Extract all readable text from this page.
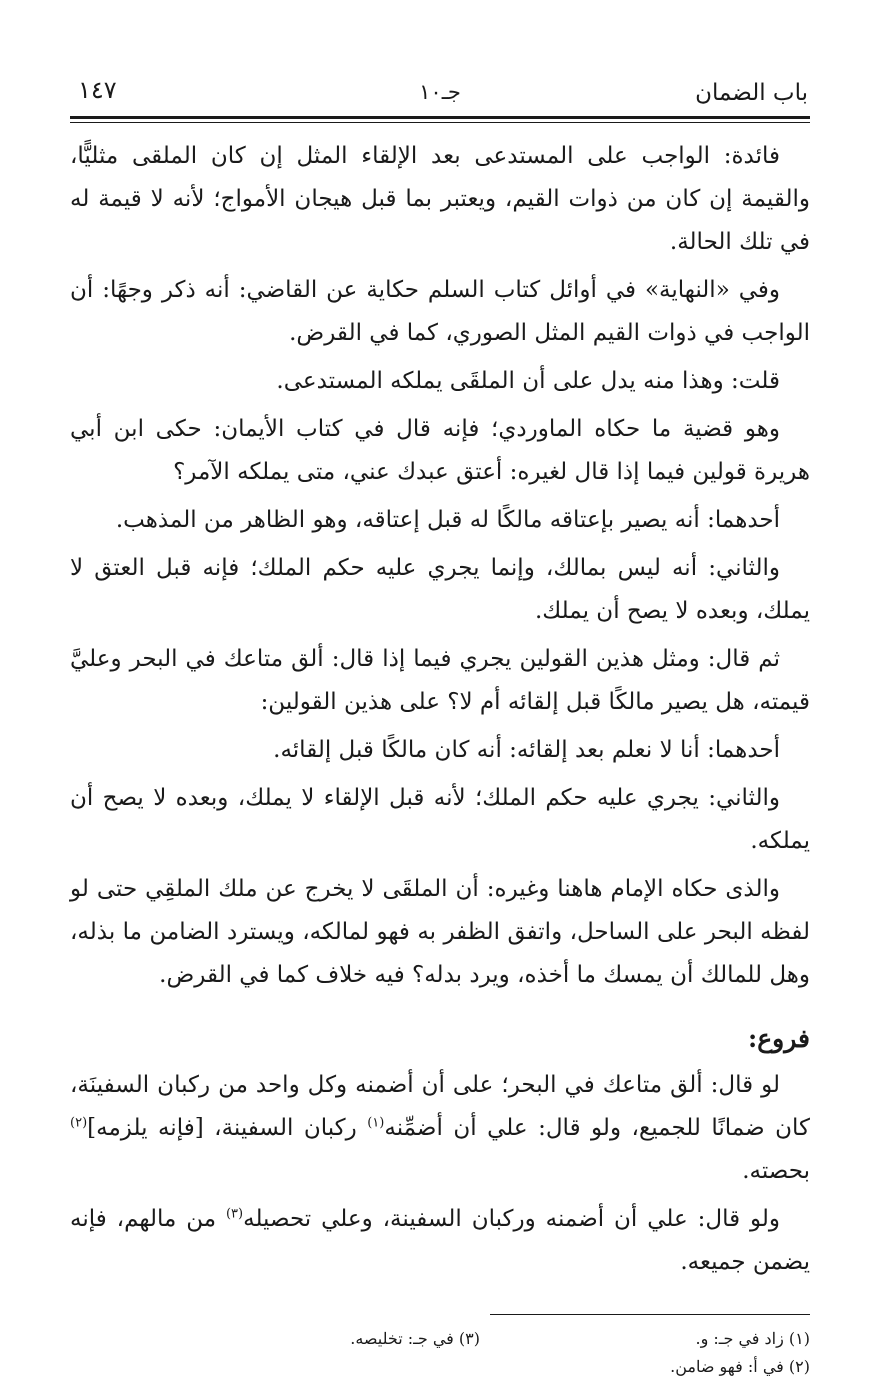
باب الضمان
جـ١٠
١٤٧

فائدة: الواجب على المستدعى بعد الإلقاء المثل إن كان الملقى مثليًّا، والقيمة إن كان من ذوات القيم، ويعتبر بما قبل هيجان الأمواج؛ لأنه لا قيمة له في تلك الحالة.

وفي «النهاية» في أوائل كتاب السلم حكاية عن القاضي: أنه ذكر وجهًا: أن الواجب في ذوات القيم المثل الصوري، كما في القرض.

قلت: وهذا منه يدل على أن الملقَى يملكه المستدعى.

وهو قضية ما حكاه الماوردي؛ فإنه قال في كتاب الأيمان: حكى ابن أبي هريرة قولين فيما إذا قال لغيره: أعتق عبدك عني، متى يملكه الآمر؟

أحدهما: أنه يصير بإعتاقه مالكًا له قبل إعتاقه، وهو الظاهر من المذهب.

والثاني: أنه ليس بمالك، وإنما يجري عليه حكم الملك؛ فإنه قبل العتق لا يملك، وبعده لا يصح أن يملك.

ثم قال: ومثل هذين القولين يجري فيما إذا قال: ألق متاعك في البحر وعليَّ قيمته، هل يصير مالكًا قبل إلقائه أم لا؟ على هذين القولين:

أحدهما: أنا لا نعلم بعد إلقائه: أنه كان مالكًا قبل إلقائه.

والثاني: يجري عليه حكم الملك؛ لأنه قبل الإلقاء لا يملك، وبعده لا يصح أن يملكه.

والذى حكاه الإمام هاهنا وغيره: أن الملقَى لا يخرج عن ملك الملقِي حتى لو لفظه البحر على الساحل، واتفق الظفر به فهو لمالكه، ويسترد الضامن ما بذله، وهل للمالك أن يمسك ما أخذه، ويرد بدله؟ فيه خلاف كما في القرض.

فروع:

لو قال: ألق متاعك في البحر؛ على أن أضمنه وكل واحد من ركبان السفينَة، كان ضمانًا للجميع، ولو قال: علي أن أضمِّنه$^{(١)}$ ركبان السفينة، [فإنه يلزمه]$^{(٢)}$ بحصته.

ولو قال: علي أن أضمنه وركبان السفينة، وعلي تحصيله$^{(٣)}$ من مالهم، فإنه يضمن جميعه.

(١) زاد في جـ: و.
(٢) في أ: فهو ضامن.
(٣) في جـ: تخليصه.
